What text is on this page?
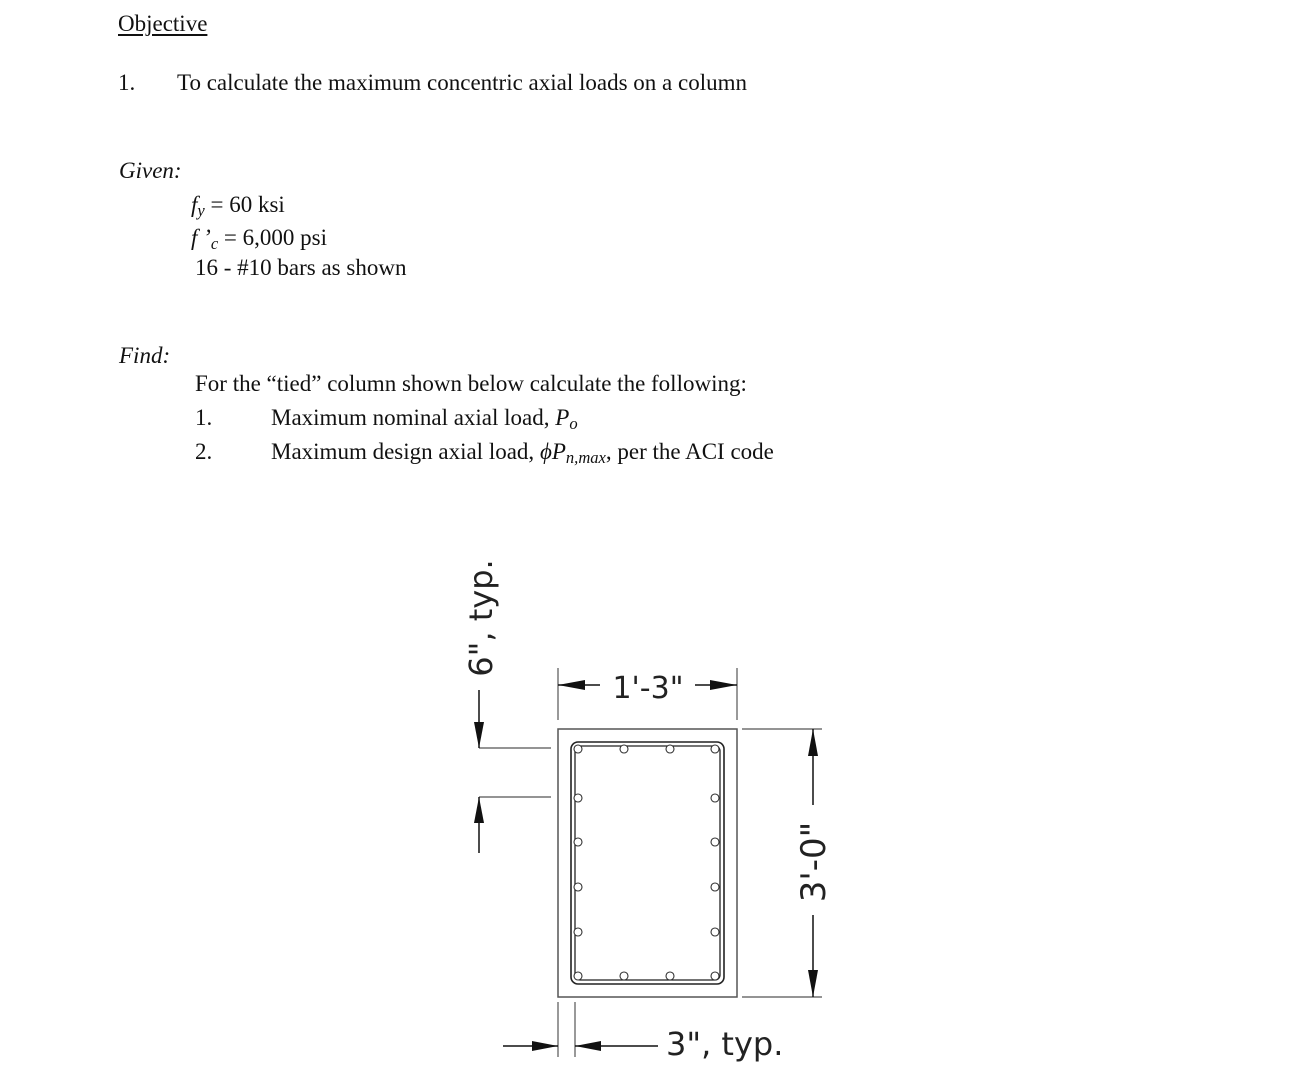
Objective
1. To calculate the maximum concentric axial loads on a column
Given:
$f_y = 60$ ksi
f $’_c = 6,000$ psi
16 - #10 bars as shown
Find:
For the “tied” column shown below calculate the following:
1.	Maximum nominal axial load, $P_o$
2.	Maximum design axial load, $\phi P_{n,max}$, per the ACI code
1'-3"
3'-0"
6", typ.
3", typ.
